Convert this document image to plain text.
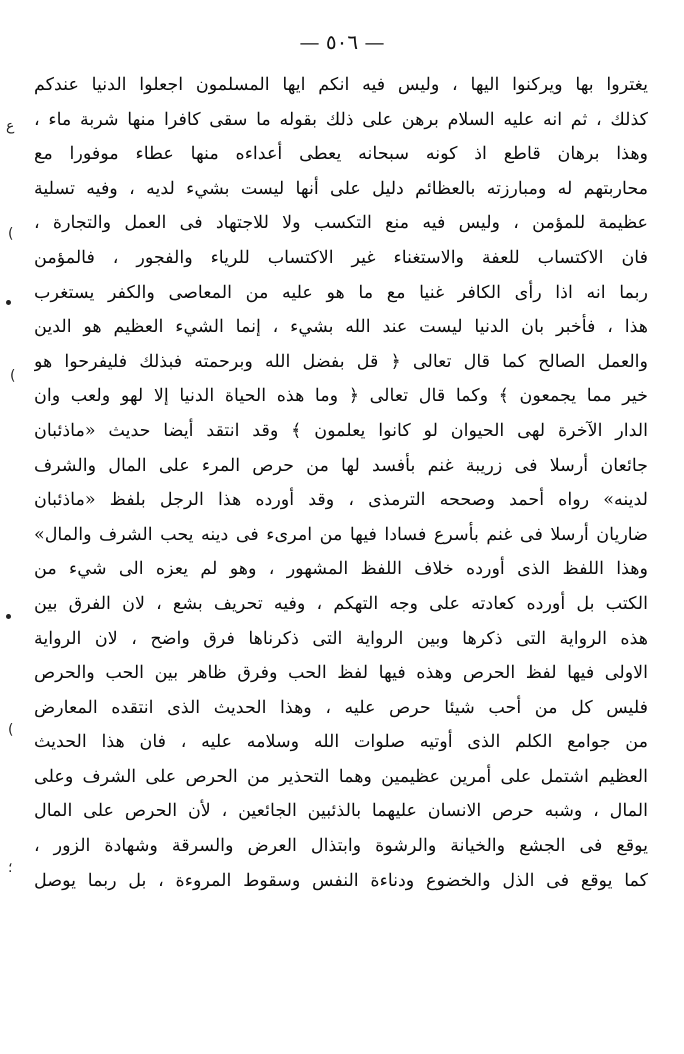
— ٥٠٦ —
يغتروا بها ويركنوا اليها ، وليس فيه انكم ايها المسلمون اجعلوا الدنيا عندكم
كذلك ، ثم انه عليه السلام برهن على ذلك بقوله ما سقى كافرا منها شربة ماء ،
وهذا برهان قاطع اذ كونه سبحانه يعطى أعداءه منها عطاء موفورا مع
محاربتهم له ومبارزته بالعظائم دليل على أنها ليست بشيء لديه ، وفيه تسلية
عظيمة للمؤمن ، وليس فيه منع التكسب ولا للاجتهاد فى العمل والتجارة ،
فان الاكتساب للعفة والاستغناء غير الاكتساب للرياء والفجور ، فالمؤمن
ربما انه اذا رأى الكافر غنيا مع ما هو عليه من المعاصى والكفر يستغرب
هذا ، فأخبر بان الدنيا ليست عند الله بشيء ، إنما الشيء العظيم هو الدين
والعمل الصالح كما قال تعالى ﴿ قل بفضل الله وبرحمته فبذلك فليفرحوا هو
خير مما يجمعون ﴾ وكما قال تعالى ﴿ وما هذه الحياة الدنيا إلا لهو ولعب وان
الدار الآخرة لهى الحيوان لو كانوا يعلمون ﴾ وقد انتقد أيضا حديث «ماذئبان
جائعان أرسلا فى زريبة غنم بأفسد لها من حرص المرء على المال والشرف
لدينه» رواه أحمد وصححه الترمذى ، وقد أورده هذا الرجل بلفظ «ماذئبان
ضاريان أرسلا فى غنم بأسرع فسادا فيها من امرىء فى دينه يحب الشرف والمال»
وهذا اللفظ الذى أورده خلاف اللفظ المشهور ، وهو لم يعزه الى شيء من
الكتب بل أورده كعادته على وجه التهكم ، وفيه تحريف بشع ، لان الفرق بين
هذه الرواية التى ذكرها وبين الرواية التى ذكرناها فرق واضح ، لان الرواية
الاولى فيها لفظ الحرص وهذه فيها لفظ الحب وفرق ظاهر بين الحب والحرص
فليس كل من أحب شيئا حرص عليه ، وهذا الحديث الذى انتقده المعارض
من جوامع الكلم الذى أوتيه صلوات الله وسلامه عليه ، فان هذا الحديث
العظيم اشتمل على أمرين عظيمين وهما التحذير من الحرص على الشرف وعلى
المال ، وشبه حرص الانسان عليهما بالذئبين الجائعين ، لأن الحرص على المال
يوقع فى الجشع والخيانة والرشوة وابتذال العرض والسرقة وشهادة الزور ،
كما يوقع فى الذل والخضوع ودناءة النفس وسقوط المروءة ، بل ربما يوصل
ع
(
(
(
؛
